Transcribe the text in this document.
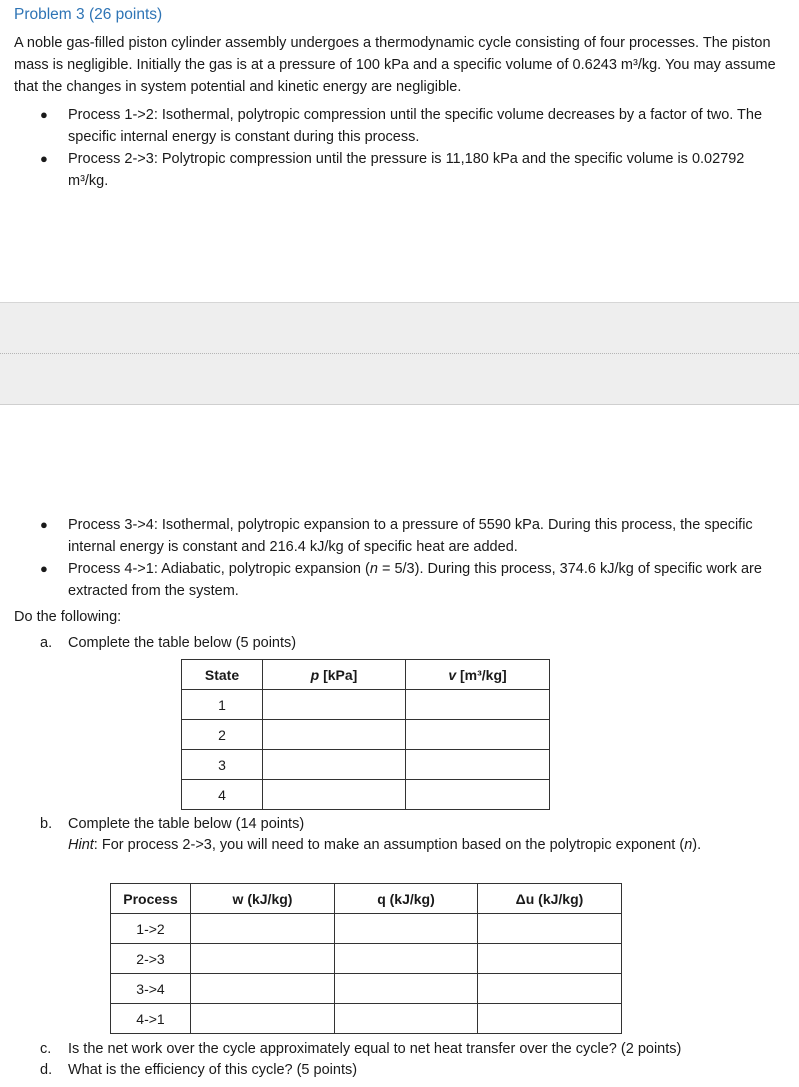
Problem 3 (26 points)
A noble gas-filled piston cylinder assembly undergoes a thermodynamic cycle consisting of four processes. The piston mass is negligible. Initially the gas is at a pressure of 100 kPa and a specific volume of 0.6243 m³/kg. You may assume that the changes in system potential and kinetic energy are negligible.
● Process 1->2: Isothermal, polytropic compression until the specific volume decreases by a factor of two. The specific internal energy is constant during this process.
● Process 2->3: Polytropic compression until the pressure is 11,180 kPa and the specific volume is 0.02792 m³/kg.
● Process 3->4: Isothermal, polytropic expansion to a pressure of 5590 kPa. During this process, the specific internal energy is constant and 216.4 kJ/kg of specific heat are added.
● Process 4->1: Adiabatic, polytropic expansion (n = 5/3). During this process, 374.6 kJ/kg of specific work are extracted from the system.
Do the following:
a. Complete the table below (5 points)
State	p [kPa]	v [m³/kg]
1		
2		
3		
4		
b. Complete the table below (14 points)
Hint: For process 2->3, you will need to make an assumption based on the polytropic exponent (n).
Process	w (kJ/kg)	q (kJ/kg)	Δu (kJ/kg)
1->2			
2->3			
3->4			
4->1			
c. Is the net work over the cycle approximately equal to net heat transfer over the cycle? (2 points)
d. What is the efficiency of this cycle? (5 points)
